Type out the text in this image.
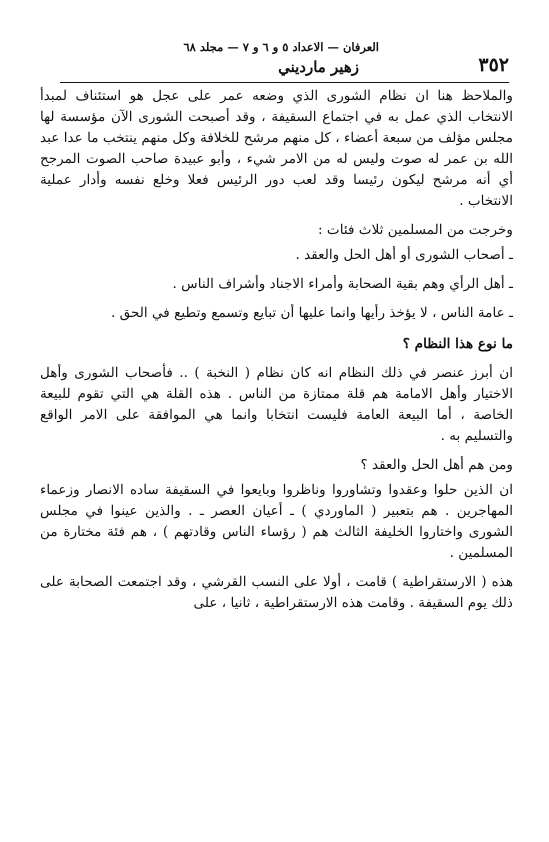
٣٥٢
العرفان — الاعداد ٥ و ٦ و ٧ — مجلد ٦٨
زهير مارديني

والملاحظ هنا ان نظام الشورى الذي وضعه عمر على عجل هو استئناف لمبدأ الانتخاب الذي عمل به في اجتماع السقيفة ، وقد أصبحت الشورى الآن مؤسسة لها مجلس مؤلف من سبعة أعضاء ، كل منهم مرشح للخلافة وكل منهم ينتخب ما عدا عبد الله بن عمر له صوت وليس له من الامر شيء ، وأبو عبيدة صاحب الصوت المرجح أي أنه مرشح ليكون رئيسا وقد لعب دور الرئيس فعلا وخلع نفسه وأدار عملية الانتخاب .

وخرجت من المسلمين ثلاث فئات :

ـ أصحاب الشورى أو أهل الحل والعقد .

ـ أهل الرأي وهم بقية الصحابة وأمراء الاجناد وأشراف الناس .

ـ عامة الناس ، لا يؤخذ رأيها وانما عليها أن تبايع وتسمع وتطيع في الحق .

ما نوع هذا النظام ؟

ان أبرز عنصر في ذلك النظام انه كان نظام ( النخبة ) .. فأصحاب الشورى وأهل الاختيار وأهل الامامة هم قلة ممتازة من الناس . هذه القلة هي التي تقوم للبيعة الخاصة ، أما البيعة العامة فليست انتخابا وانما هي الموافقة على الامر الواقع والتسليم به .

ومن هم أهل الحل والعقد ؟

ان الذين حلوا وعقدوا وتشاوروا وناظروا وبايعوا في السقيفة ساده الانصار وزعماء المهاجرين . هم بتعبير ( الماوردي ) ـ أعيان العصر ـ . والذين عينوا في مجلس الشورى واختاروا الخليفة الثالث هم ( رؤساء الناس وقادتهم ) ، هم فئة مختارة من المسلمين .

هذه ( الارستقراطية ) قامت ، أولا على النسب القرشي ، وقد اجتمعت الصحابة على ذلك يوم السقيفة . وقامت هذه الارستقراطية ، ثانيا ، على
